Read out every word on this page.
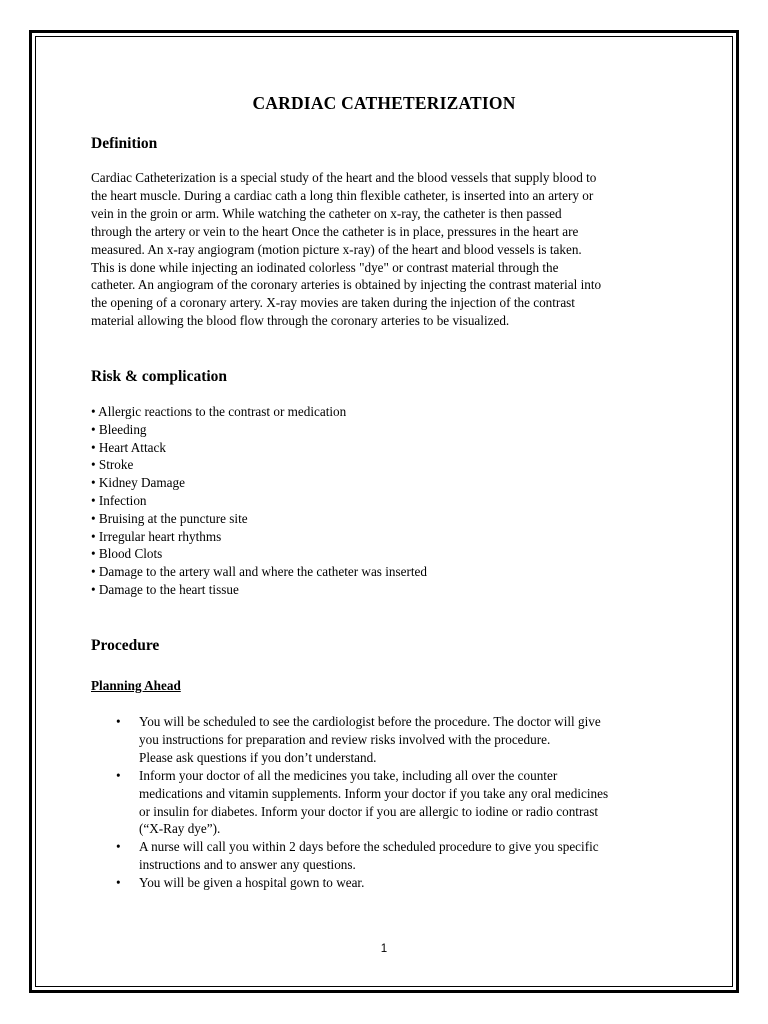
CARDIAC CATHETERIZATION
Definition

Cardiac Catheterization is a special study of the heart and the blood vessels that supply blood to
the heart muscle. During a cardiac cath a long thin flexible catheter, is inserted into an artery or
vein in the groin or arm. While watching the catheter on x-ray, the catheter is then passed
through the artery or vein to the heart Once the catheter is in place, pressures in the heart are
measured. An x-ray angiogram (motion picture x-ray) of the heart and blood vessels is taken.
This is done while injecting an iodinated colorless "dye" or contrast material through the
catheter. An angiogram of the coronary arteries is obtained by injecting the contrast material into
the opening of a coronary artery. X-ray movies are taken during the injection of the contrast
material allowing the blood flow through the coronary arteries to be visualized.

Risk & complication
• Allergic reactions to the contrast or medication
• Bleeding
• Heart Attack
• Stroke
• Kidney Damage
• Infection
• Bruising at the puncture site
• Irregular heart rhythms
• Blood Clots
• Damage to the artery wall and where the catheter was inserted
• Damage to the heart tissue
Procedure

Planning Ahead

• You will be scheduled to see the cardiologist before the procedure. The doctor will give
you instructions for preparation and review risks involved with the procedure.
Please ask questions if you don’t understand.
• Inform your doctor of all the medicines you take, including all over the counter
medications and vitamin supplements. Inform your doctor if you take any oral medicines
or insulin for diabetes. Inform your doctor if you are allergic to iodine or radio contrast
(“X-Ray dye”).
• A nurse will call you within 2 days before the scheduled procedure to give you specific
instructions and to answer any questions.
• You will be given a hospital gown to wear.
1
